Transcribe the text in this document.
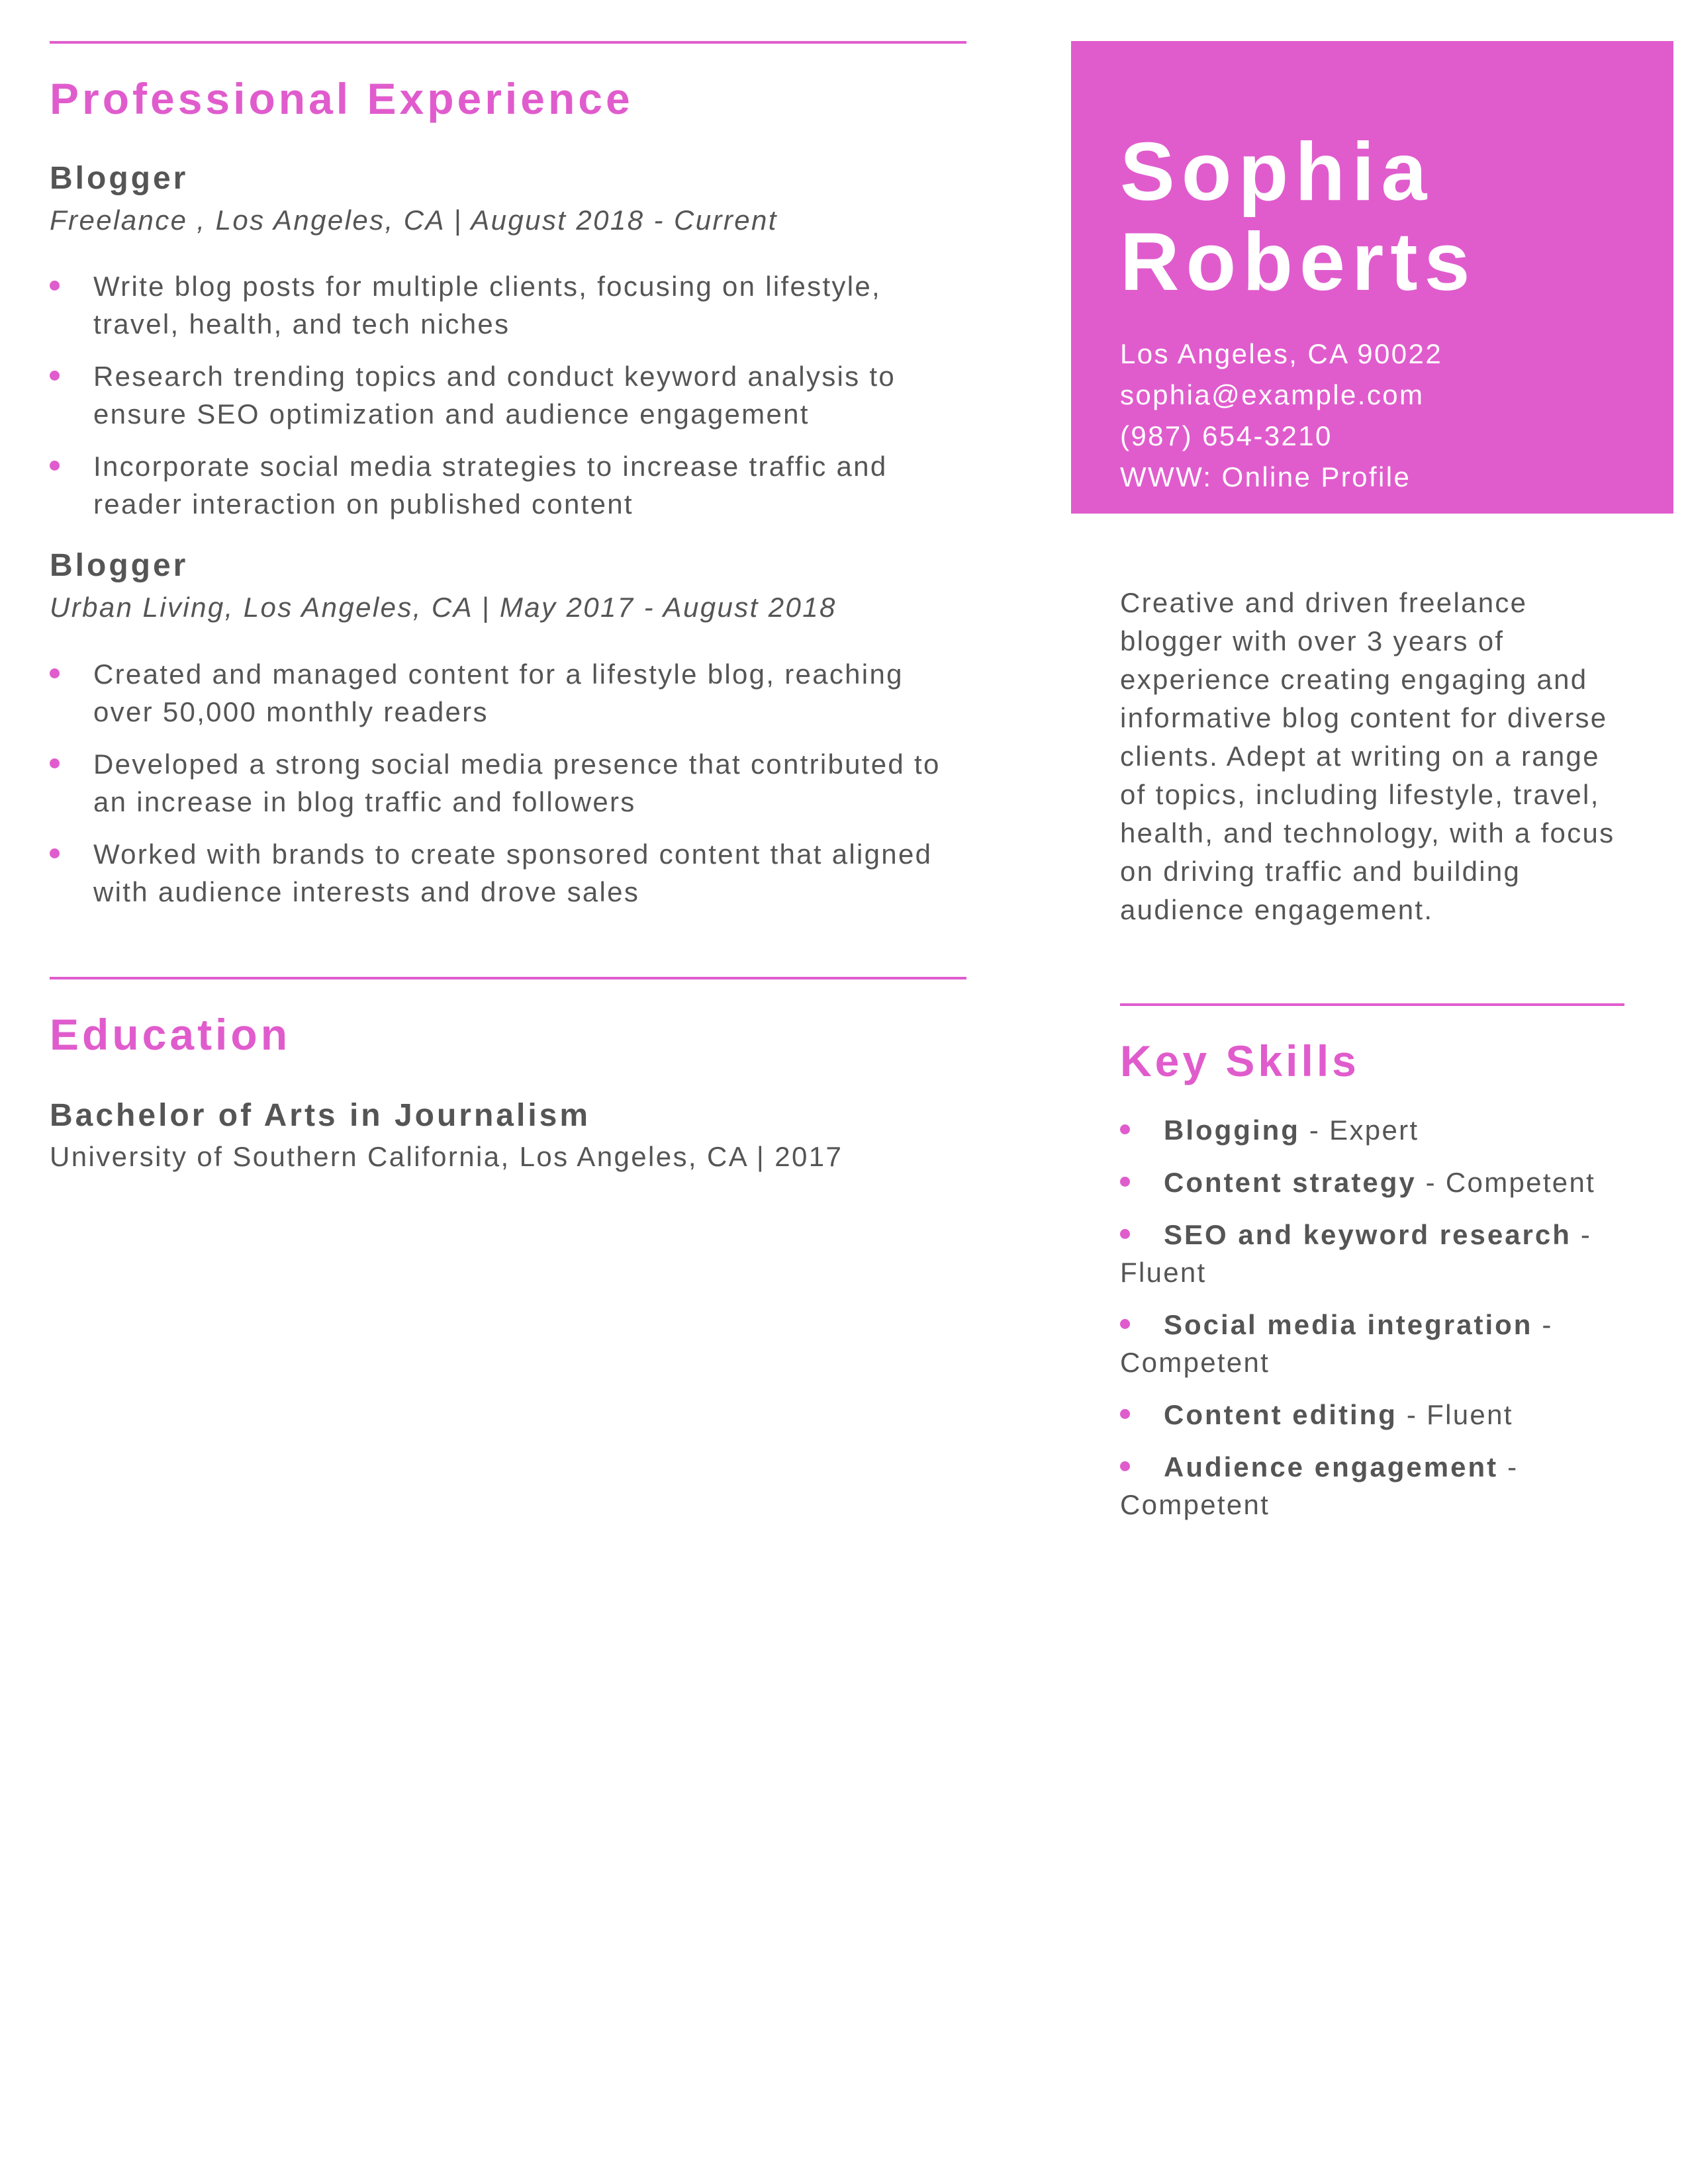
Professional Experience
Blogger

Freelance , Los Angeles, CA | August 2018 - Current

Write blog posts for multiple clients, focusing on lifestyle, travel, health, and tech niches
Research trending topics and conduct keyword analysis to ensure SEO optimization and audience engagement
Incorporate social media strategies to increase traffic and reader interaction on published content
Blogger

Urban Living, Los Angeles, CA | May 2017 - August 2018

Created and managed content for a lifestyle blog, reaching over 50,000 monthly readers
Developed a strong social media presence that contributed to an increase in blog traffic and followers
Worked with brands to create sponsored content that aligned with audience interests and drove sales
Education
Bachelor of Arts in Journalism

University of Southern California, Los Angeles, CA | 2017

Sophia
Roberts
Los Angeles, CA 90022
sophia@example.com
(987) 654-3210
WWW: Online Profile

Creative and driven freelance blogger with over 3 years of experience creating engaging and informative blog content for diverse clients. Adept at writing on a range of topics, including lifestyle, travel, health, and technology, with a focus on driving traffic and building audience engagement.

Key Skills
Blogging - Expert
Content strategy - Competent
SEO and keyword research - Fluent
Social media integration - Competent
Content editing - Fluent
Audience engagement - Competent
